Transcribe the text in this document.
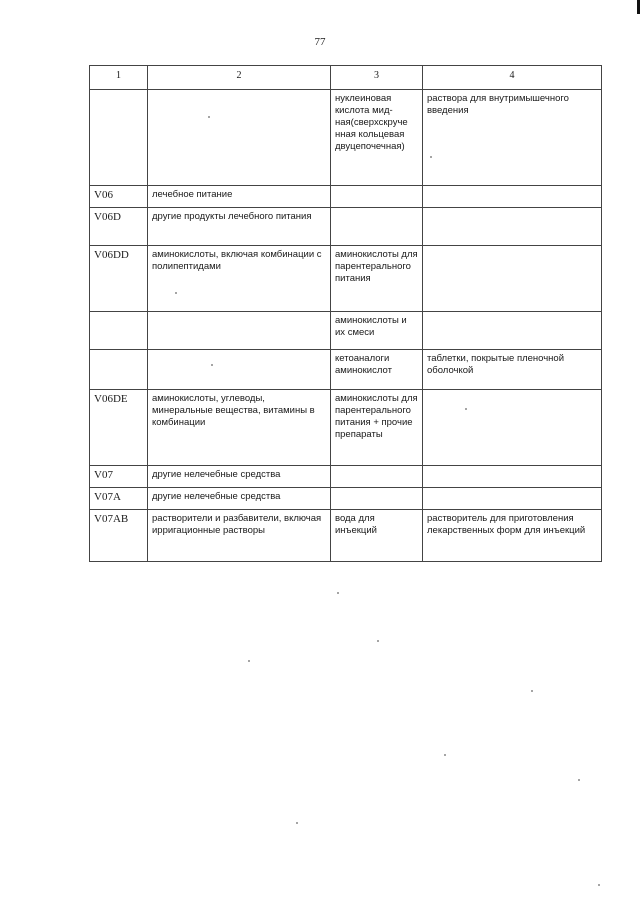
77
1	2	3	4
		нуклеиновая кислота мид-ная(сверхскруче нная кольцевая двуцепочечная)	раствора для внутримышечного введения
V06	лечебное питание		
V06D	другие продукты лечебного питания		
V06DD	аминокислоты, включая комбинации с полипептидами	аминокислоты для парентерального питания	
		аминокислоты и их смеси	
		кетоаналоги аминокислот	таблетки, покрытые пленочной оболочкой
V06DE	аминокислоты, углеводы, минеральные вещества, витамины в комбинации	аминокислоты для парентерального питания + прочие препараты	
V07	другие нелечебные средства		
V07A	другие нелечебные средства		
V07AB	растворители и разбавители, включая ирригационные растворы	вода для инъекций	растворитель для приготовления лекарственных форм для инъекций
